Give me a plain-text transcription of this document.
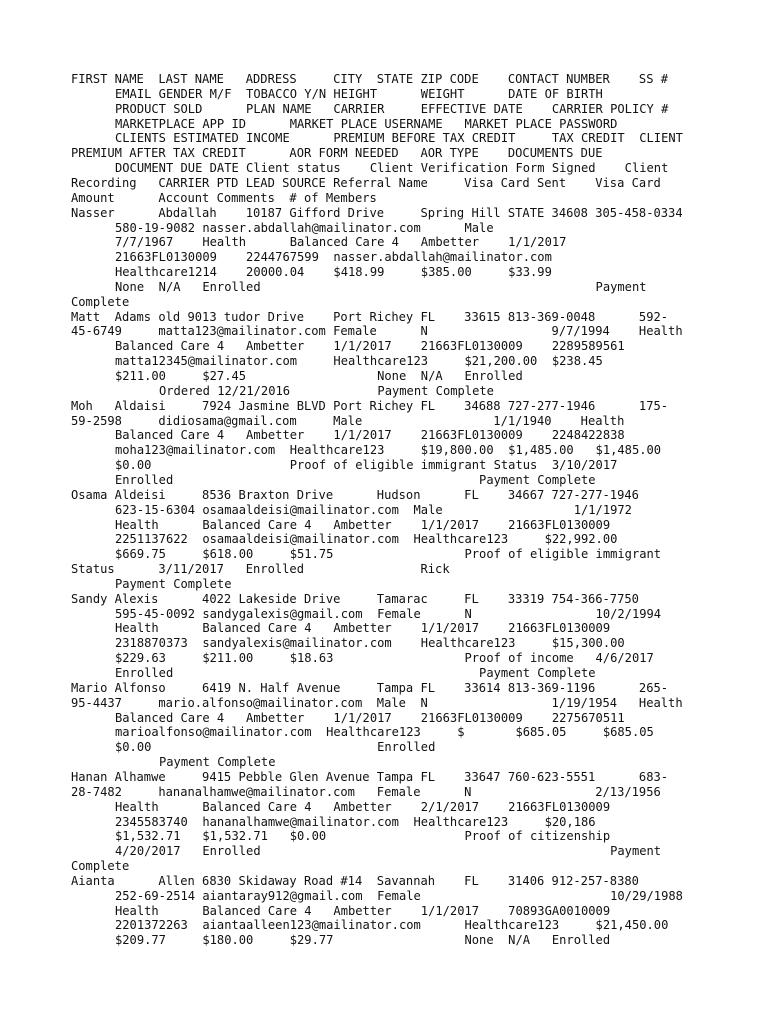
FIRST NAME  LAST NAME   ADDRESS     CITY  STATE ZIP CODE    CONTACT NUMBER    SS #
EMAIL GENDER M/F  TOBACCO Y/N HEIGHT      WEIGHT      DATE OF BIRTH
PRODUCT SOLD      PLAN NAME   CARRIER     EFFECTIVE DATE    CARRIER POLICY #
MARKETPLACE APP ID      MARKET PLACE USERNAME   MARKET PLACE PASSWORD
CLIENTS ESTIMATED INCOME      PREMIUM BEFORE TAX CREDIT     TAX CREDIT  CLIENT
PREMIUM AFTER TAX CREDIT      AOR FORM NEEDED   AOR TYPE    DOCUMENTS DUE
DOCUMENT DUE DATE Client status    Client Verification Form Signed    Client
Recording   CARRIER PTD LEAD SOURCE Referral Name     Visa Card Sent    Visa Card
Amount      Account Comments  # of Members
Nasser      Abdallah    10187 Gifford Drive     Spring Hill STATE 34608 305-458-0334
580-19-9082 nasser.abdallah@mailinator.com      Male
7/7/1967    Health      Balanced Care 4   Ambetter    1/1/2017
21663FL0130009    2244767599  nasser.abdallah@mailinator.com
Healthcare1214    20000.04    $418.99     $385.00     $33.99
None  N/A   Enrolled                                              Payment
Complete
Matt  Adams old 9013 tudor Drive    Port Richey FL    33615 813-369-0048      592-
45-6749     matta123@mailinator.com Female      N                 9/7/1994    Health
Balanced Care 4   Ambetter    1/1/2017    21663FL0130009    2289589561
matta12345@mailinator.com     Healthcare123     $21,200.00  $238.45
$211.00     $27.45                  None  N/A   Enrolled
Ordered 12/21/2016            Payment Complete
Moh   Aldaisi     7924 Jasmine BLVD Port Richey FL    34688 727-277-1946      175-
59-2598     didiosama@gmail.com     Male                  1/1/1940    Health
Balanced Care 4   Ambetter    1/1/2017    21663FL0130009    2248422838
moha123@mailinator.com  Healthcare123     $19,800.00  $1,485.00   $1,485.00
$0.00                   Proof of eligible immigrant Status  3/10/2017
Enrolled                                          Payment Complete
Osama Aldeisi     8536 Braxton Drive      Hudson      FL    34667 727-277-1946
623-15-6304 osamaaldeisi@mailinator.com  Male                  1/1/1972
Health      Balanced Care 4   Ambetter    1/1/2017    21663FL0130009
2251137622  osamaaldeisi@mailinator.com  Healthcare123     $22,992.00
$669.75     $618.00     $51.75                  Proof of eligible immigrant
Status      3/11/2017   Enrolled                Rick
Payment Complete
Sandy Alexis      4022 Lakeside Drive     Tamarac     FL    33319 754-366-7750
595-45-0092 sandygalexis@gmail.com  Female      N                 10/2/1994
Health      Balanced Care 4   Ambetter    1/1/2017    21663FL0130009
2318870373  sandyalexis@mailinator.com    Healthcare123     $15,300.00
$229.63     $211.00     $18.63                  Proof of income   4/6/2017
Enrolled                                          Payment Complete
Mario Alfonso     6419 N. Half Avenue     Tampa FL    33614 813-369-1196      265-
95-4437     mario.alfonso@mailinator.com  Male  N                 1/19/1954   Health
Balanced Care 4   Ambetter    1/1/2017    21663FL0130009    2275670511
marioalfonso@mailinator.com  Healthcare123     $       $685.05     $685.05
$0.00                               Enrolled
Payment Complete
Hanan Alhamwe     9415 Pebble Glen Avenue Tampa FL    33647 760-623-5551      683-
28-7482     hananalhamwe@mailinator.com   Female      N                 2/13/1956
Health      Balanced Care 4   Ambetter    2/1/2017    21663FL0130009
2345583740  hananalhamwe@mailinator.com  Healthcare123     $20,186
$1,532.71   $1,532.71   $0.00                   Proof of citizenship
4/20/2017   Enrolled                                                Payment
Complete
Aianta      Allen 6830 Skidaway Road #14  Savannah    FL    31406 912-257-8380
252-69-2514 aiantaray912@gmail.com  Female                          10/29/1988
Health      Balanced Care 4   Ambetter    1/1/2017    70893GA0010009
2201372263  aiantaalleen123@mailinator.com      Healthcare123     $21,450.00
$209.77     $180.00     $29.77                  None  N/A   Enrolled
